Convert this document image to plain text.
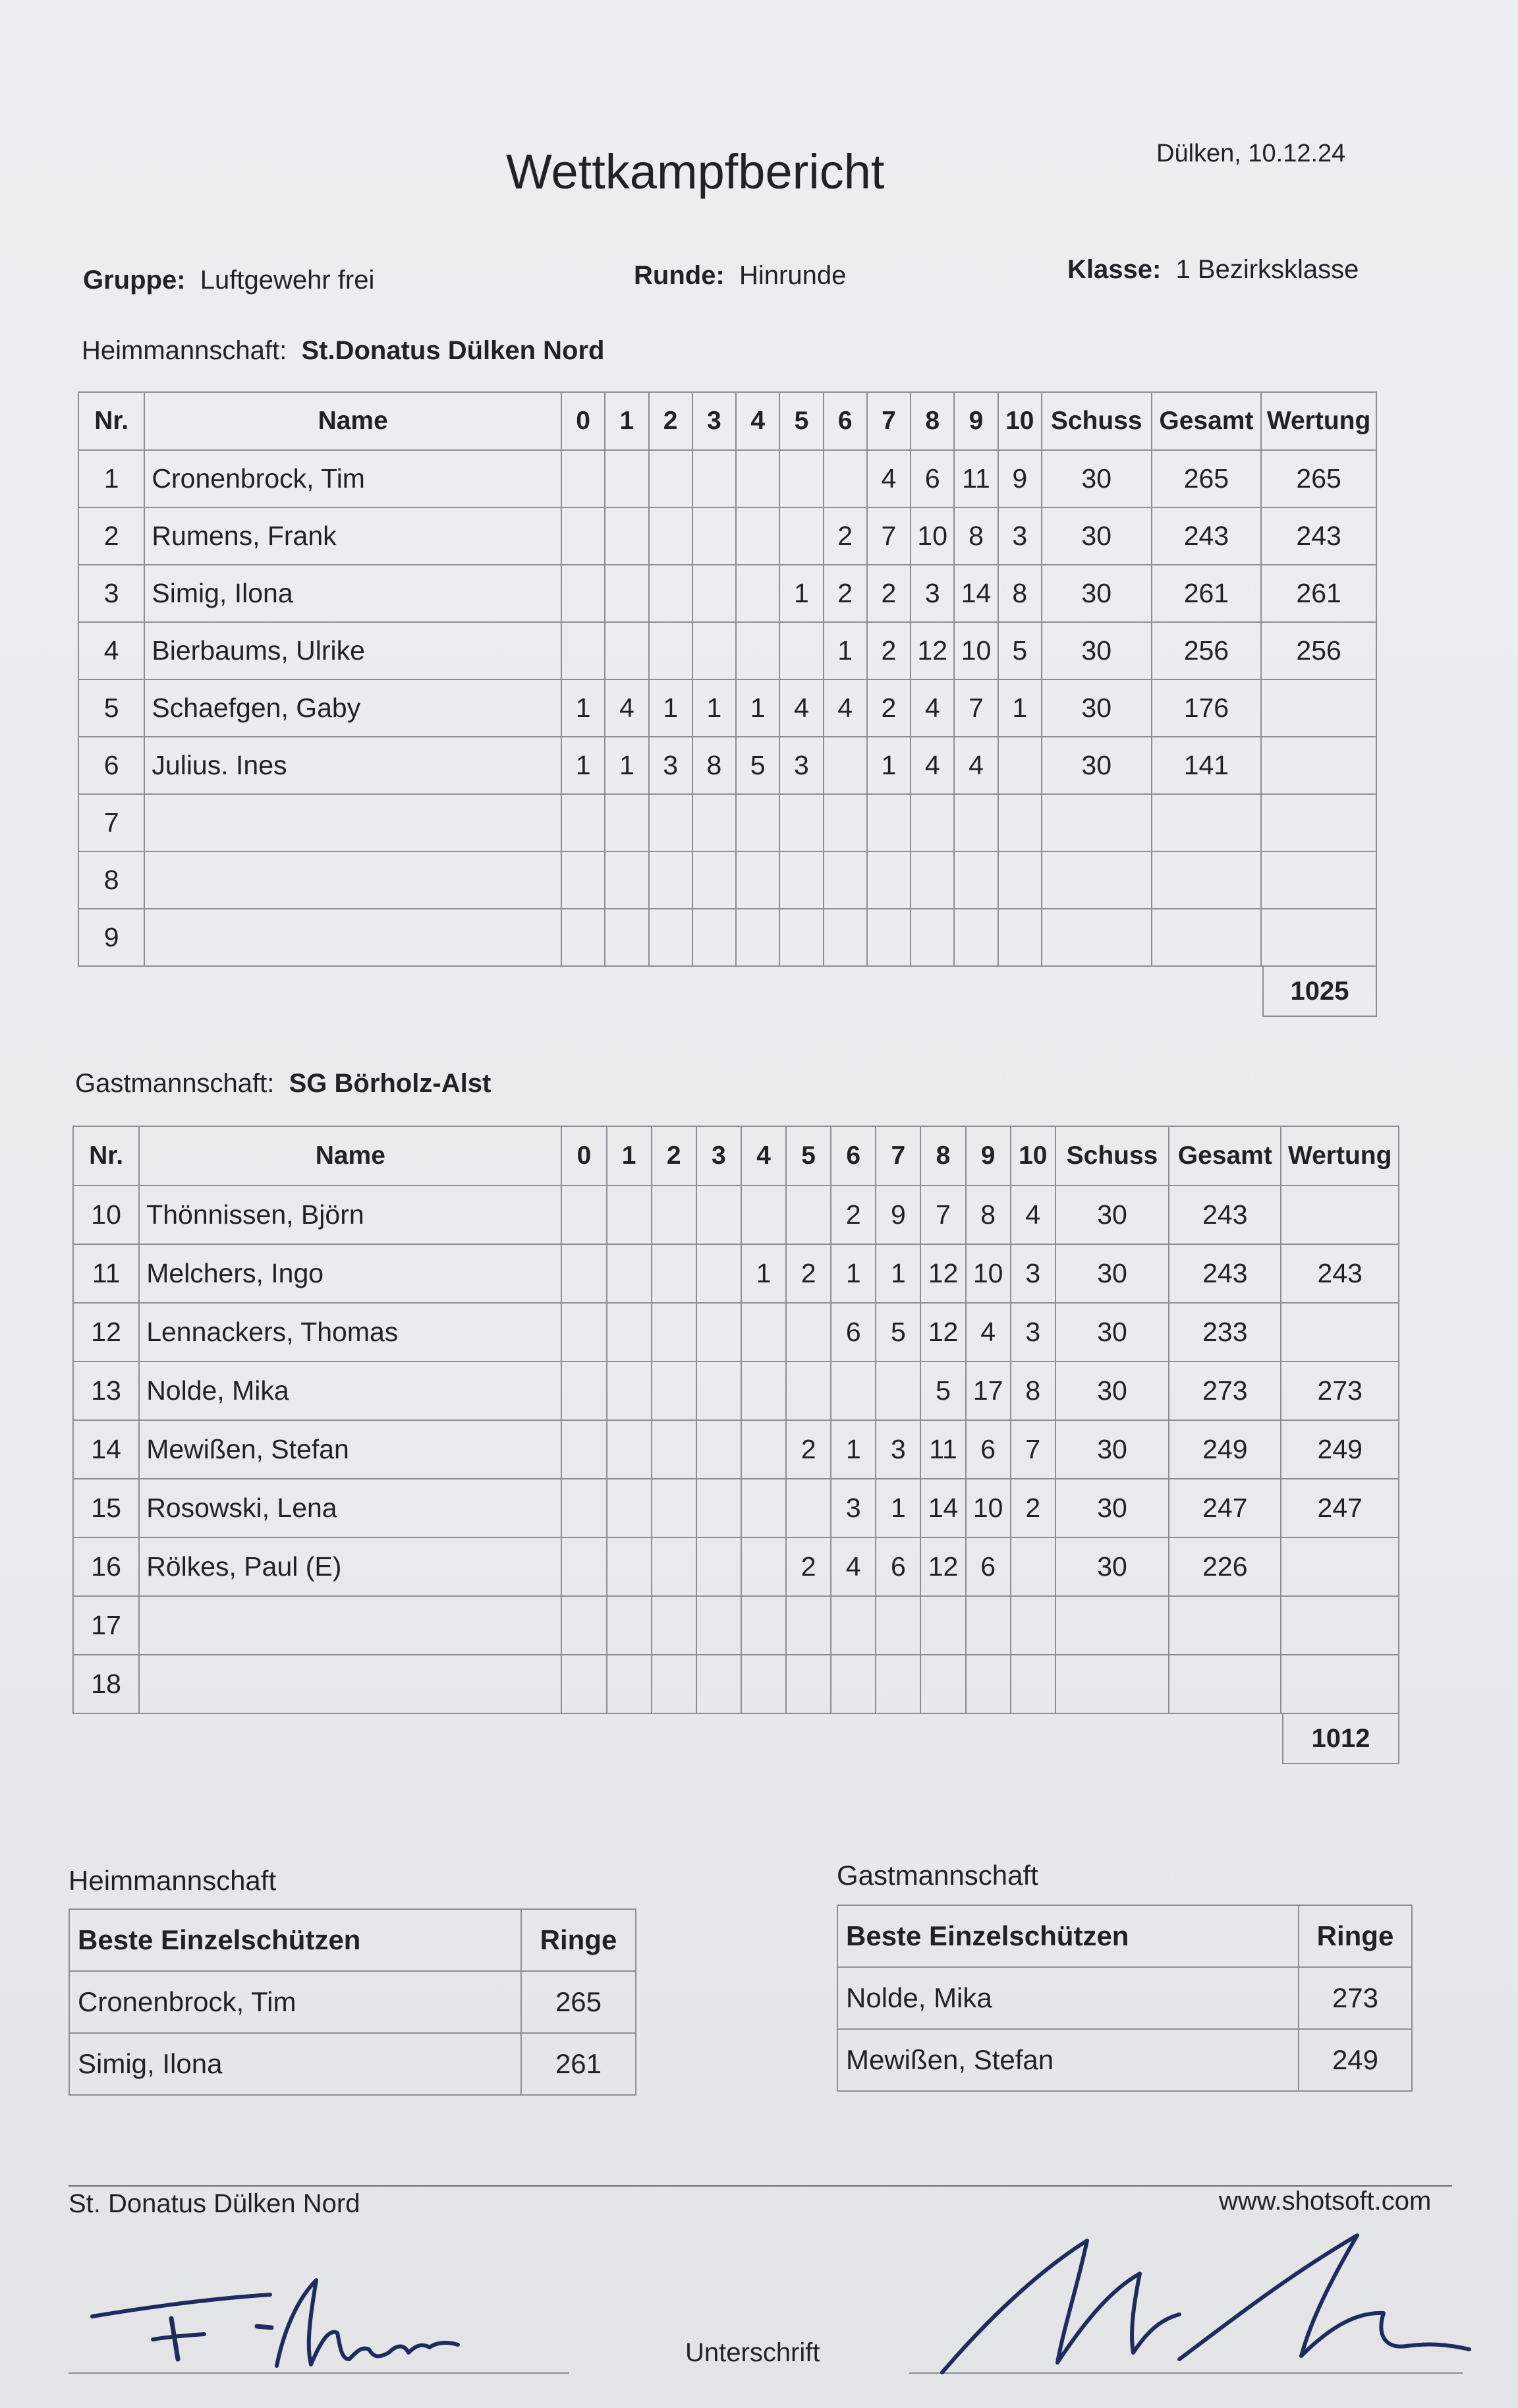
Wettkampfbericht	Dülken, 10.12.24
Gruppe: Luftgewehr frei	Runde: Hinrunde	Klasse: 1 Bezirksklasse
Heimmannschaft: St.Donatus Dülken Nord
Nr.	Name	0	1	2	3	4	5	6	7	8	9	10	Schuss	Gesamt	Wertung
1	Cronenbrock, Tim								4	6	11	9	30	265	265
2	Rumens, Frank							2	7	10	8	3	30	243	243
3	Simig, Ilona						1	2	2	3	14	8	30	261	261
4	Bierbaums, Ulrike							1	2	12	10	5	30	256	256
5	Schaefgen, Gaby	1	4	1	1	1	4	4	2	4	7	1	30	176	
6	Julius. Ines	1	1	3	8	5	3		1	4	4		30	141	
7															
8															
9															
1025
Gastmannschaft: SG Börholz-Alst
Nr.	Name	0	1	2	3	4	5	6	7	8	9	10	Schuss	Gesamt	Wertung
10	Thönnissen, Björn							2	9	7	8	4	30	243	
11	Melchers, Ingo					1	2	1	1	12	10	3	30	243	243
12	Lennackers, Thomas							6	5	12	4	3	30	233	
13	Nolde, Mika									5	17	8	30	273	273
14	Mewißen, Stefan						2	1	3	11	6	7	30	249	249
15	Rosowski, Lena							3	1	14	10	2	30	247	247
16	Rölkes, Paul (E)						2	4	6	12	6		30	226	
17															
18															
1012
Heimmannschaft
Beste Einzelschützen	Ringe
Cronenbrock, Tim	265
Simig, Ilona	261
Gastmannschaft
Beste Einzelschützen	Ringe
Nolde, Mika	273
Mewißen, Stefan	249
St. Donatus Dülken Nord	www.shotsoft.com
Unterschrift
